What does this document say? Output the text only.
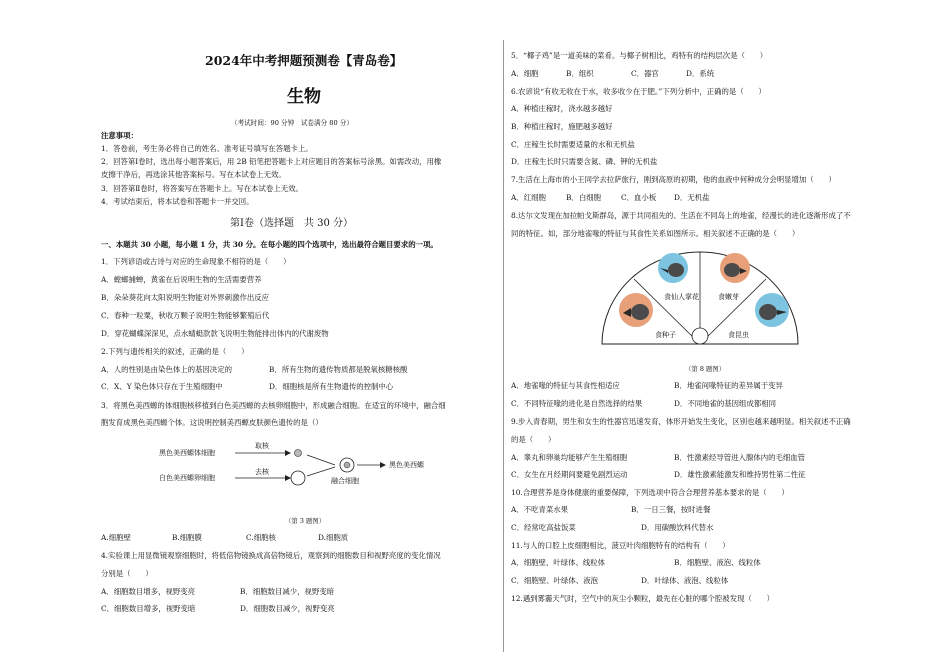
2024年中考押题预测卷【青岛卷】
生物
（考试时间：90 分钟　试卷满分 80 分）
注意事项：
1．答卷前，考生务必将自己的姓名、准考证号填写在答题卡上。
2．回答第Ⅰ卷时，选出每小题答案后，用 2B 铅笔把答题卡上对应题目的答案标号涂黑。如需改动，用橡
皮擦干净后，再选涂其他答案标号。写在本试卷上无效。
3．回答第Ⅱ卷时，将答案写在答题卡上。写在本试卷上无效。
4．考试结束后，将本试卷和答题卡一并交回。
第Ⅰ卷（选择题　共 30 分）
一、本题共 30 小题，每小题 1 分，共 30 分。在每小题的四个选项中，选出最符合题目要求的一项。
1．下列谚语或古诗与对应的生命现象不相符的是（　　）
A．螳螂捕蝉，黄雀在后说明生物的生活需要营养
B．朵朵葵花向太阳说明生物能对外界刺激作出反应
C．春种一粒粟，秋收万颗子说明生物能够繁殖后代
D．穿花蝴蝶深深见，点水蜻蜓款款飞说明生物能排出体内的代谢废物
2.下列与遗传相关的叙述，正确的是（　　）
A．人的性别是由染色体上的基因决定的	B．所有生物的遗传物质都是脱氧核糖核酸
C．X、Y 染色体只存在于生殖细胞中	D．细胞核是所有生物遗传的控制中心
3．将黑色美西螈的体细胞核移植到白色美西螈的去核卵细胞中，形成融合细胞。在适宜的环境中，融合细
胞发育成黑色美西螈个体。这说明控制美西螈皮肤颜色遗传的是（）
黑色美西螈体细胞
白色美西螈卵细胞
取核
去核
融合细胞
黑色美西螈
（第 3 题图）
A.细胞壁	B.细胞膜	C.细胞核	D.细胞质
4.实验课上用显微镜观察细胞时，将低倍物镜换成高倍物镜后，观察到的细胞数目和视野亮度的变化情况
分别是（　　）
A．细胞数目增多，视野变亮	B．细胞数目减少，视野变暗
C．细胞数目增多，视野变暗	D．细胞数目减少，视野变亮
5．“椰子鸡”是一道美味的菜肴。与椰子树相比，鸡特有的结构层次是（　　）
A．细胞	B．组织	C．器官	D．系统
6.农谚说“有收无收在于水，收多收少在于肥。”下列分析中，正确的是（　　）
A．种植庄稼时，浇水越多越好
B．种植庄稼时，施肥越多越好
C．庄稼生长时需要适量的水和无机盐
D．庄稼生长时只需要含氮、磷、钾的无机盐
7.生活在上海市的小王同学去拉萨旅行，刚到高原的初期，他的血液中何种成分会明显增加（　　）
A．红细胞	B．白细胞	C．血小板 D．无机盐
8.达尔文发现在加拉帕戈斯群岛，源于共同祖先的、生活在不同岛上的地雀，经漫长的进化逐渐形成了不
同的特征。如，部分地雀喙的特征与其食性关系如图所示。相关叙述不正确的是（　　）
食仙人掌花	食嫩芽
食种子	食昆虫
（第 8 题图）
A．地雀喙的特征与其食性相适应	B．地雀间喙特征的差异属于变异
C．不同特征喙的进化是自然选择的结果	D．不同地雀的基因组成都相同
9.步入青春期，男生和女生的性器官迅速发育，体形开始发生变化，区别也越来越明显。相关叙述不正确
的是（　　）
A．睾丸和卵巢均能够产生生殖细胞	B．性激素经导管进入腺体内的毛细血管
C．女生在月经期间要避免剧烈运动	D．雄性激素能激发和维持男性第二性征
10.合理营养是身体健康的重要保障，下列选项中符合合理营养基本要求的是（　　）
A．不吃青菜水果	B．一日三餐，按时进餐
C．经常吃高盐饭菜	D．用碳酸饮料代替水
11.与人的口腔上皮细胞相比，菠豆叶肉细胞特有的结构有（　　）
A．细胞壁、叶绿体、线粒体	B．细胞壁、液泡、线粒体
C．细胞壁、叶绿体、液泡	D．叶绿体、液泡、线粒体
12.遇到雾霾天气时，空气中的灰尘小颗粒，最先在心脏的哪个腔被发现（　　）
